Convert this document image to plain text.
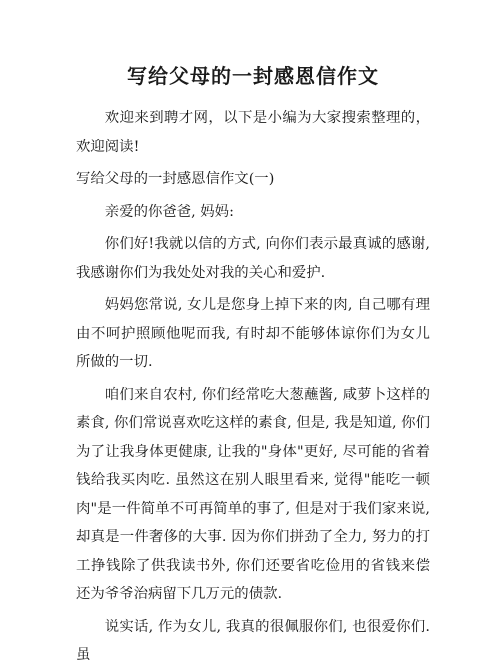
写给父母的一封感恩信作文

欢迎来到聘才网，以下是小编为大家搜索整理的，欢迎阅读!

写给父母的一封感恩信作文(一)

亲爱的你爸爸, 妈妈:

你们好!我就以信的方式, 向你们表示最真诚的感谢, 我感谢你们为我处处对我的关心和爱护.

妈妈您常说, 女儿是您身上掉下来的肉, 自己哪有理由不呵护照顾他呢而我, 有时却不能够体谅你们为女儿所做的一切.

咱们来自农村, 你们经常吃大葱蘸酱, 咸萝卜这样的素食, 你们常说喜欢吃这样的素食, 但是, 我是知道, 你们为了让我身体更健康, 让我的"身体"更好, 尽可能的省着钱给我买肉吃. 虽然这在别人眼里看来, 觉得"能吃一顿肉"是一件简单不可再简单的事了, 但是对于我们家来说, 却真是一件奢侈的大事. 因为你们拼劲了全力, 努力的打工挣钱除了供我读书外, 你们还要省吃俭用的省钱来偿还为爷爷治病留下几万元的债款.

说实话, 作为女儿, 我真的很佩服你们, 也很爱你们. 虽
